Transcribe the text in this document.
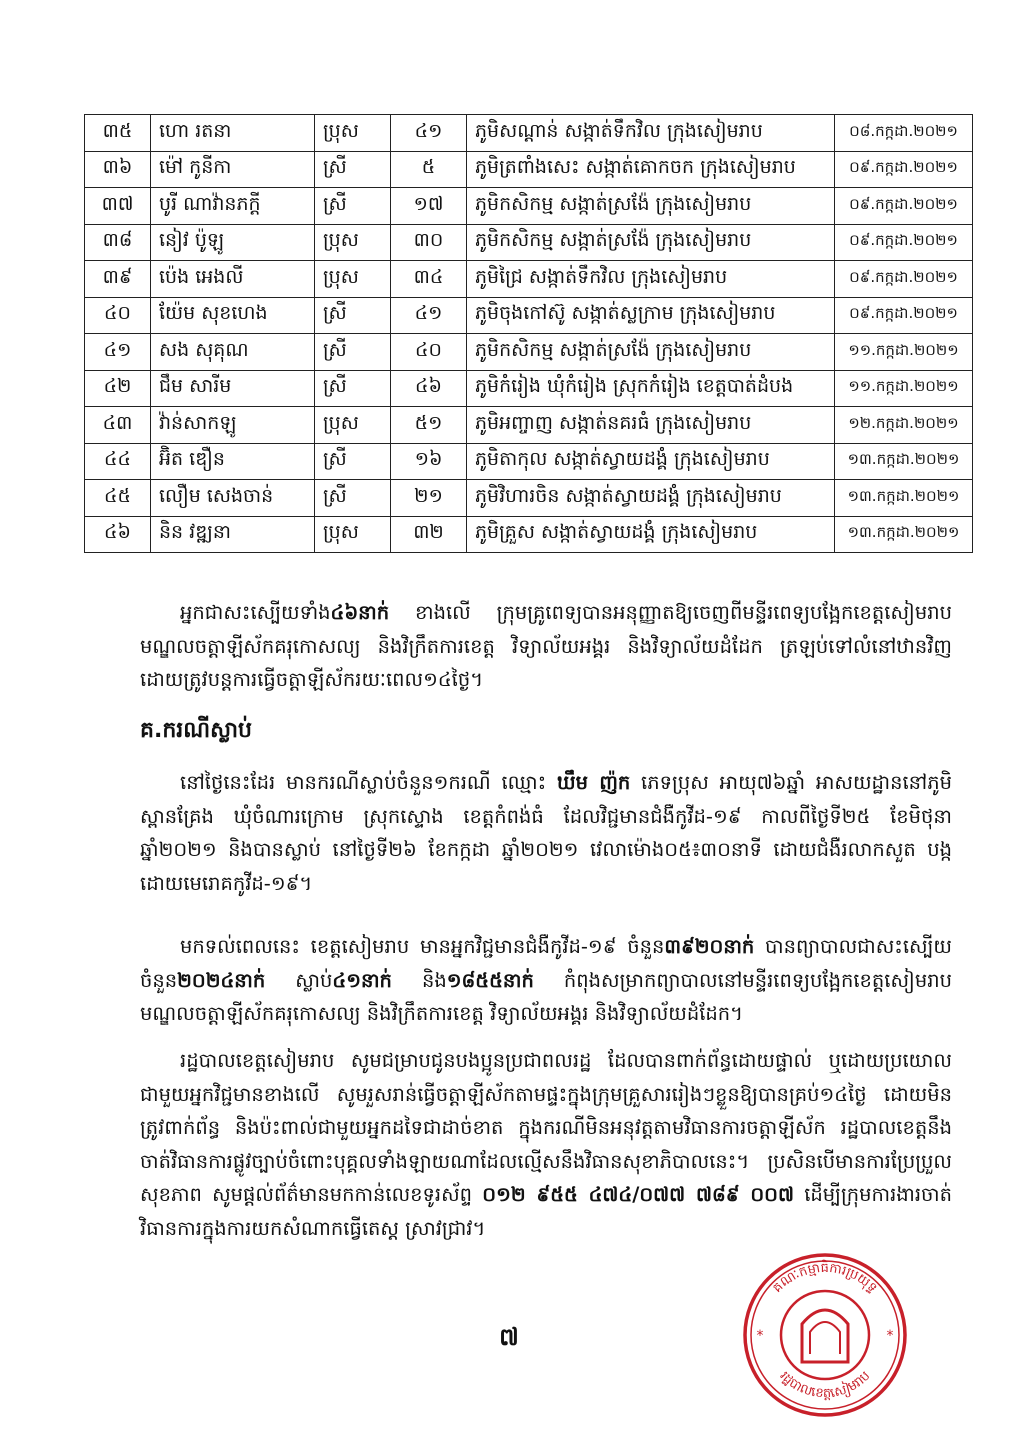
៣៥	ហោ រតនា	ប្រុស	៤១	ភូមិសណ្ដាន់ សង្កាត់ទឹកវិល ក្រុងសៀមរាប	០៨.កក្កដា.២០២១
៣៦	ម៉ៅ កូនីកា	ស្រី	៥	ភូមិត្រពាំងសេះ សង្កាត់គោកចក ក្រុងសៀមរាប	០៩.កក្កដា.២០២១
៣៧	បូរី ណាវ៉ានភក្តី	ស្រី	១៧	ភូមិកសិកម្ម សង្កាត់ស្រង៉ែ ក្រុងសៀមរាប	០៩.កក្កដា.២០២១
៣៨	នៀវ ប៉ូឡូ	ប្រុស	៣០	ភូមិកសិកម្ម សង្កាត់ស្រង៉ែ ក្រុងសៀមរាប	០៩.កក្កដា.២០២១
៣៩	ប៉េង អេងលី	ប្រុស	៣៤	ភូមិជ្រៃ សង្កាត់ទឹកវិល ក្រុងសៀមរាប	០៩.កក្កដា.២០២១
៤០	យ៉ែម សុខហេង	ស្រី	៤១	ភូមិចុងកៅស៊ូ សង្កាត់ស្លក្រាម ក្រុងសៀមរាប	០៩.កក្កដា.២០២១
៤១	សង សុគុណ	ស្រី	៤០	ភូមិកសិកម្ម សង្កាត់ស្រង៉ែ ក្រុងសៀមរាប	១១.កក្កដា.២០២១
៤២	ជឹម សារីម	ស្រី	៤៦	ភូមិកំរៀង ឃុំកំរៀង ស្រុកកំរៀង ខេត្តបាត់ដំបង	១១.កក្កដា.២០២១
៤៣	វ៉ាន់សាកឡូ	ប្រុស	៥១	ភូមិអញ្ចាញ សង្កាត់នគរធំ ក្រុងសៀមរាប	១២.កក្កដា.២០២១
៤៤	អ៊ិត ឌឿន	ស្រី	១៦	ភូមិតាកុល សង្កាត់ស្វាយដង្គំ ក្រុងសៀមរាប	១៣.កក្កដា.២០២១
៤៥	លឿម សេងចាន់	ស្រី	២១	ភូមិវិហារចិន សង្កាត់ស្វាយដង្គំ ក្រុងសៀមរាប	១៣.កក្កដា.២០២១
៤៦	និន វឌ្ឍនា	ប្រុស	៣២	ភូមិគ្រួស សង្កាត់ស្វាយដង្គំ ក្រុងសៀមរាប	១៣.កក្កដា.២០២១

អ្នកជាសះស្បើយទាំង៤៦នាក់ ខាងលើ ក្រុមគ្រូពេទ្យបានអនុញ្ញាតឱ្យចេញពីមន្ទីរពេទ្យបង្អែកខេត្តសៀមរាប មណ្ឌលចត្តាឡីស័កគរុកោសល្យ និងវិក្រឹតការខេត្ត វិទ្យាល័យអង្គរ និងវិទ្យាល័យដំដែក ត្រឡប់ទៅលំនៅឋានវិញ ដោយត្រូវបន្តការធ្វើចត្តាឡីស័ករយៈពេល១៤ថ្ងៃ។

គ.ករណីស្លាប់

នៅថ្ងៃនេះដែរ មានករណីស្លាប់ចំនួន១ករណី ឈ្មោះ ឃឹម ញ៉ក ភេទប្រុស អាយុ៧៦ឆ្នាំ អាសយដ្ឋាននៅភូមិស្ពានគ្រែង ឃុំចំណារក្រោម ស្រុកស្ទោង ខេត្តកំពង់ធំ ដែលវិជ្ជមានជំងឺកូវីដ-១៩ កាលពីថ្ងៃទី២៥ ខែមិថុនា ឆ្នាំ២០២១ និងបានស្លាប់ នៅថ្ងៃទី២៦ ខែកក្កដា ឆ្នាំ២០២១ វេលាម៉ោង០៥៖៣០នាទី ដោយជំងឺរលាកសួត បង្កដោយមេរោគកូវីដ-១៩។

មកទល់ពេលនេះ ខេត្តសៀមរាប មានអ្នកវិជ្ជមានជំងឺកូវីដ-១៩ ចំនួន៣៩២០នាក់ បានព្យាបាលជាសះស្បើយចំនួន២០២៤នាក់ ស្លាប់៤១នាក់ និង១៨៥៥នាក់ កំពុងសម្រាកព្យាបាលនៅមន្ទីរពេទ្យបង្អែកខេត្តសៀមរាប មណ្ឌលចត្តាឡីស័កគរុកោសល្យ និងវិក្រឹតការខេត្ត វិទ្យាល័យអង្គរ និងវិទ្យាល័យដំដែក។

រដ្ឋបាលខេត្តសៀមរាប សូមជម្រាបជូនបងប្អូនប្រជាពលរដ្ឋ ដែលបានពាក់ព័ន្ធដោយផ្ទាល់ ឬដោយប្រយោល ជាមួយអ្នកវិជ្ជមានខាងលើ សូមរួសរាន់ធ្វើចត្តាឡីស័កតាមផ្ទះក្នុងក្រុមគ្រួសាររៀងៗខ្លួនឱ្យបានគ្រប់១៤ថ្ងៃ ដោយមិនត្រូវពាក់ព័ន្ធ និងប៉ះពាល់ជាមួយអ្នកដទៃជាដាច់ខាត ក្នុងករណីមិនអនុវត្តតាមវិធានការចត្តាឡីស័ក រដ្ឋបាលខេត្តនឹងចាត់វិធានការផ្លូវច្បាប់ចំពោះបុគ្គលទាំងឡាយណាដែលល្មើសនឹងវិធានសុខាភិបាលនេះ។ ប្រសិនបើមានការប្រែប្រួលសុខភាព សូមផ្តល់ព័ត៌មានមកកាន់លេខទូរស័ព្ទ ០១២ ៩៥៥ ៤៧៤/០៧៧ ៧៨៩ ០០៧ ដើម្បីក្រុមការងារចាត់វិធានការក្នុងការយកសំណាកធ្វើតេស្ត ស្រាវជ្រាវ។

៧
គណៈកម្មាធិការប្រយុទ្ធ
រដ្ឋបាលខេត្តសៀមរាប
*	*
